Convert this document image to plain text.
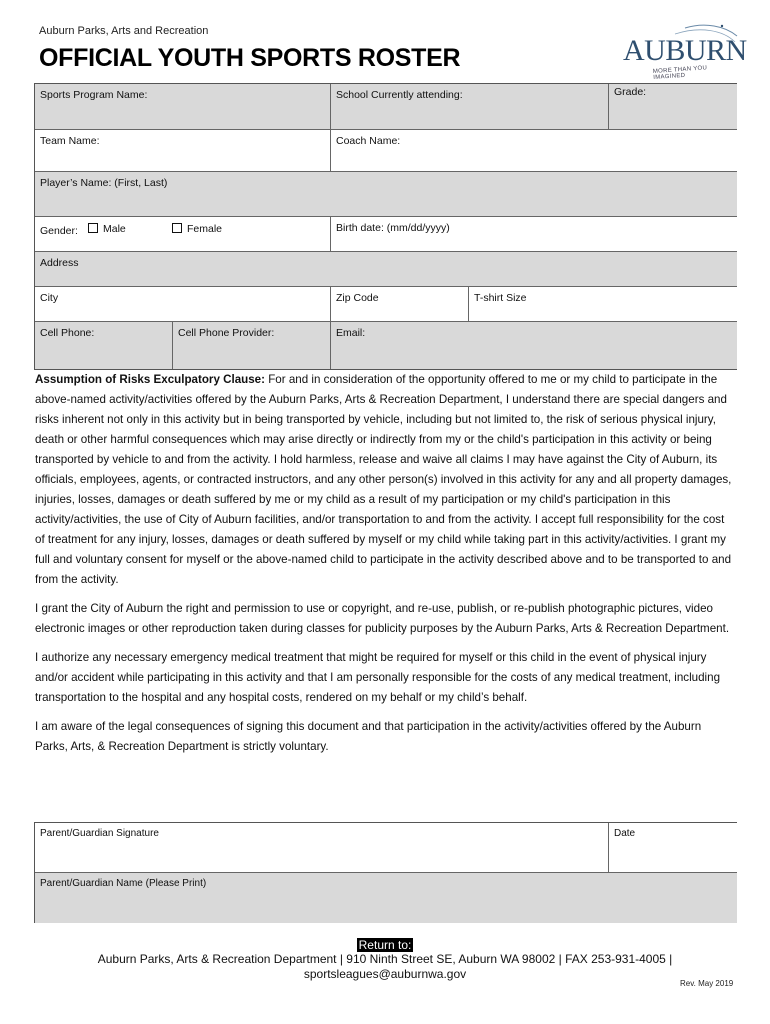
Auburn Parks, Arts and Recreation
OFFICIAL YOUTH SPORTS ROSTER	AUBURN
MORE THAN YOU IMAGINED
Sports Program Name:	School Currently attending:	Grade:
Team Name:	Coach Name:
Player’s Name: (First, Last)
Gender:	Male	Female	Birth date: (mm/dd/yyyy)
Address
City	Zip Code	T-shirt Size
Cell Phone:	Cell Phone Provider:	Email:

Assumption of Risks Exculpatory Clause: For and in consideration of the opportunity offered to me or my child to participate in the above-named activity/activities offered by the Auburn Parks, Arts & Recreation Department, I understand there are special dangers and risks inherent not only in this activity but in being transported by vehicle, including but not limited to, the risk of serious physical injury, death or other harmful consequences which may arise directly or indirectly from my or the child's participation in this activity or being transported by vehicle to and from the activity. I hold harmless, release and waive all claims I may have against the City of Auburn, its officials, employees, agents, or contracted instructors, and any other person(s) involved in this activity for any and all property damages, injuries, losses, damages or death suffered by me or my child as a result of my participation or my child's participation in this activity/activities, the use of City of Auburn facilities, and/or transportation to and from the activity. I accept full responsibility for the cost of treatment for any injury, losses, damages or death suffered by myself or my child while taking part in this activity/activities. I grant my full and voluntary consent for myself or the above-named child to participate in the activity described above and to be transported to and from the activity.

I grant the City of Auburn the right and permission to use or copyright, and re-use, publish, or re-publish photographic pictures, video electronic images or other reproduction taken during classes for publicity purposes by the Auburn Parks, Arts & Recreation Department.

I authorize any necessary emergency medical treatment that might be required for myself or this child in the event of physical injury and/or accident while participating in this activity and that I am personally responsible for the costs of any medical treatment, including transportation to the hospital and any hospital costs, rendered on my behalf or my child’s behalf.

I am aware of the legal consequences of signing this document and that participation in the activity/activities offered by the Auburn Parks, Arts, & Recreation Department is strictly voluntary.

Parent/Guardian Signature	Date
Parent/Guardian Name (Please Print)
Return to:
Auburn Parks, Arts & Recreation Department | 910 Ninth Street SE, Auburn WA 98002 | FAX 253-931-4005 |
sportsleagues@auburnwa.gov
Rev. May 2019
